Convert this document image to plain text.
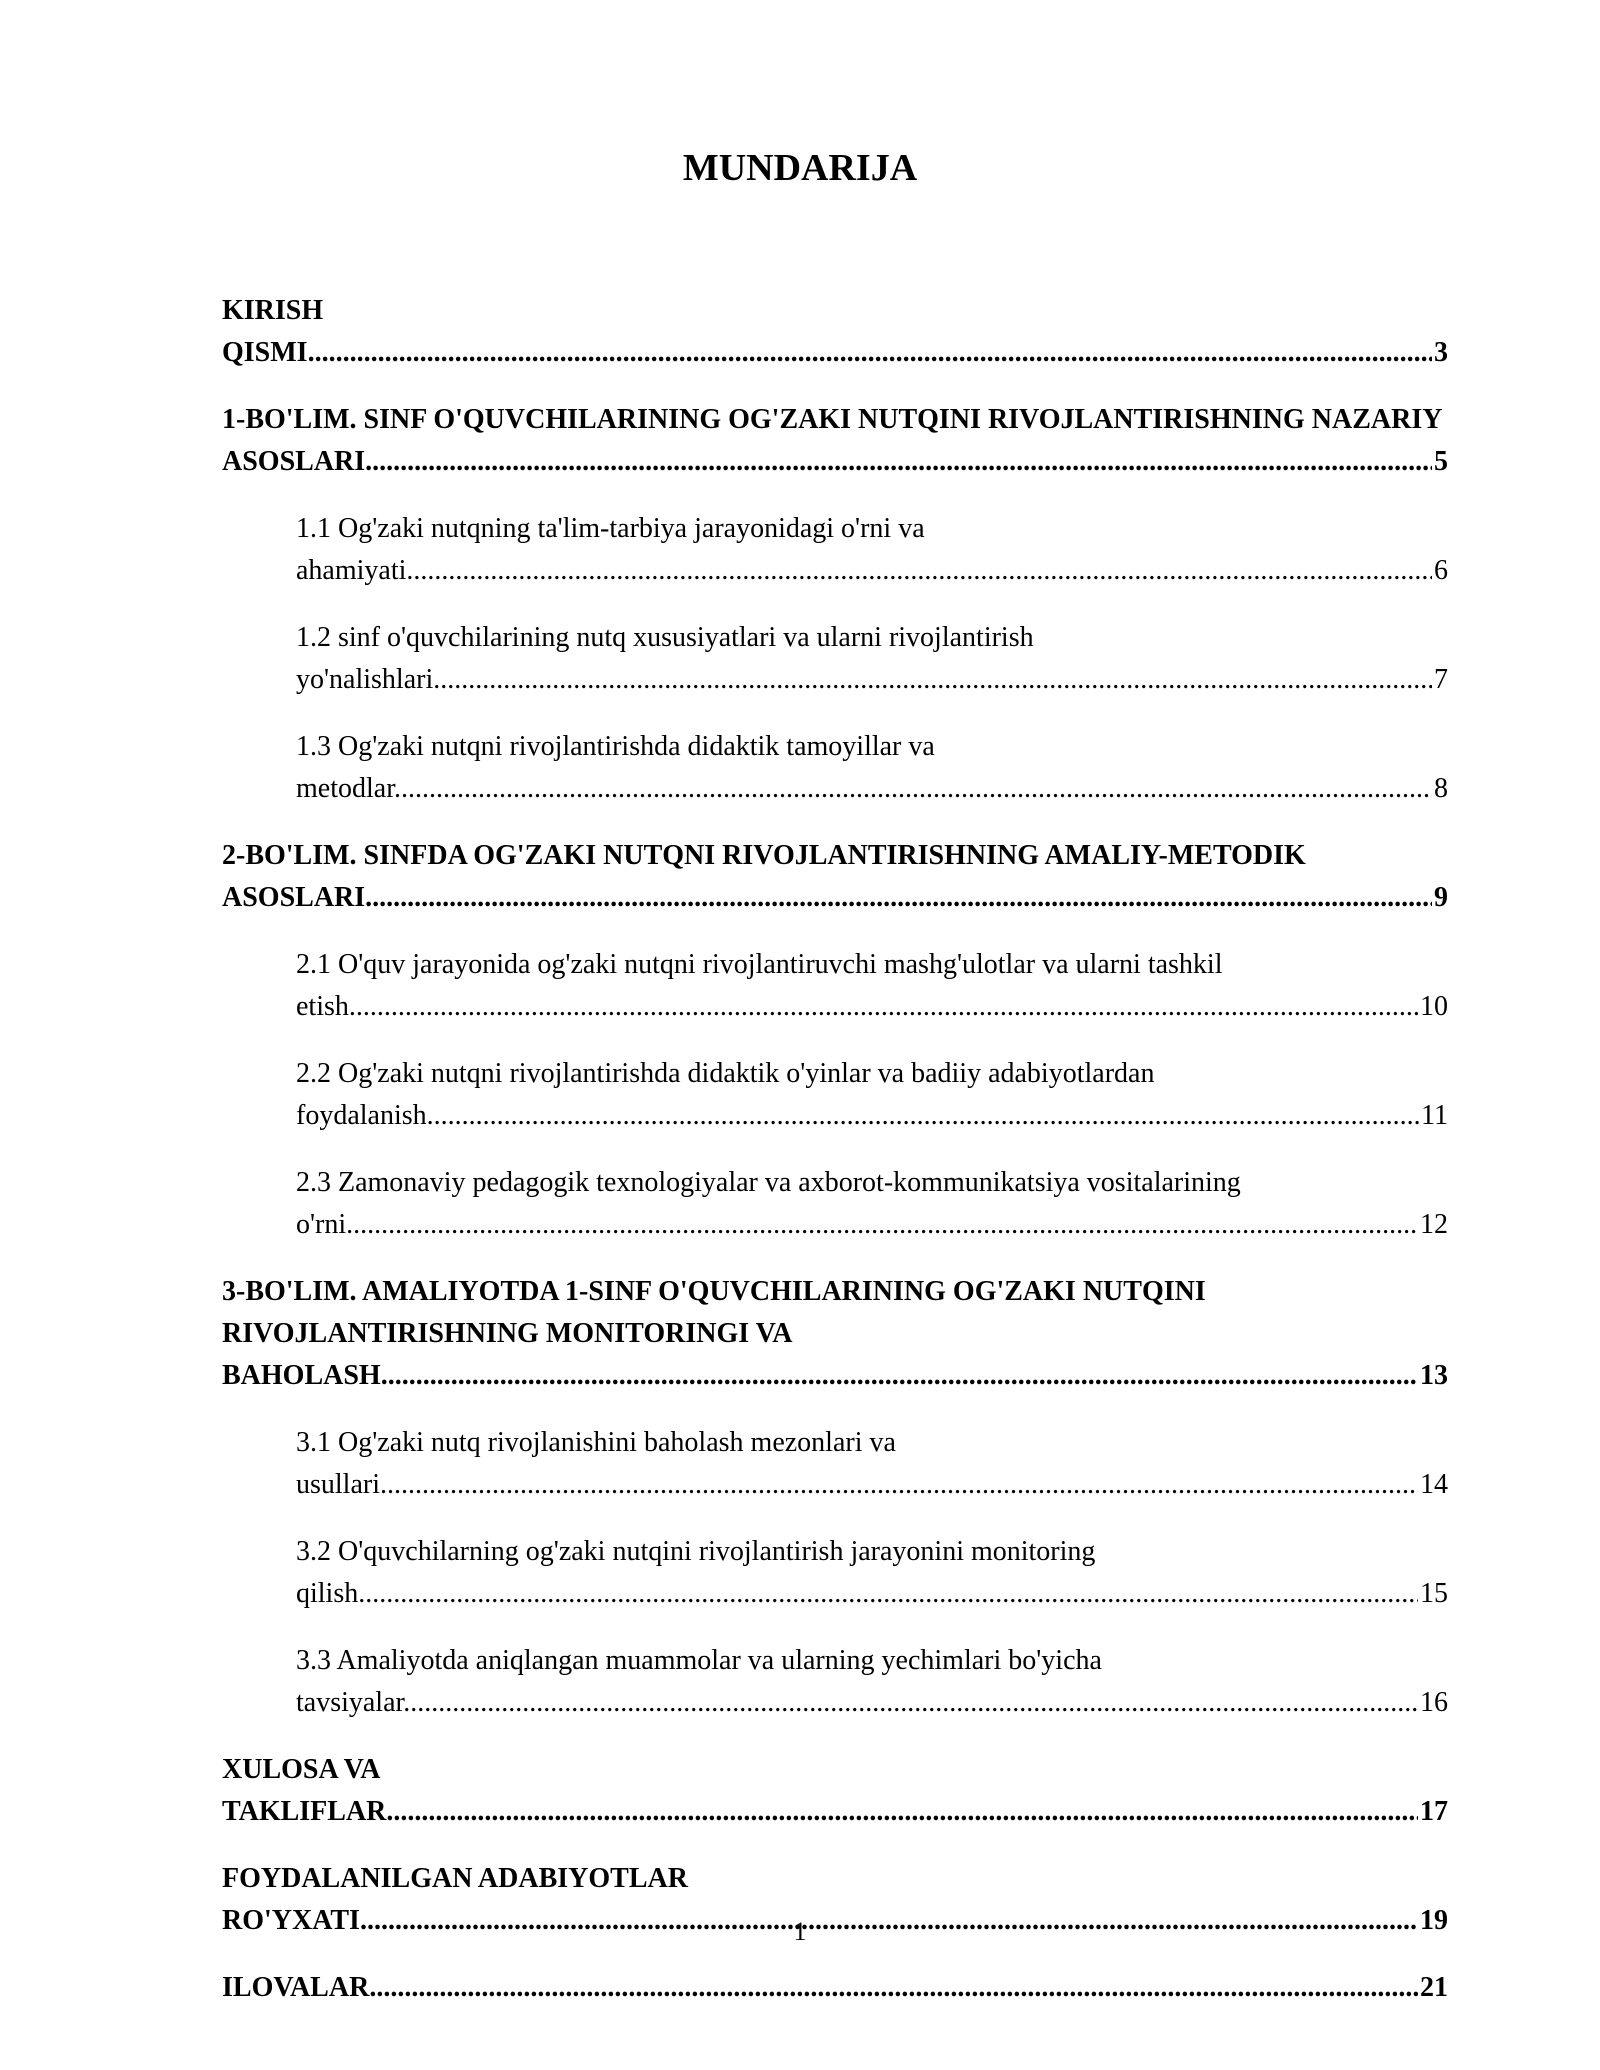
MUNDARIJA
KIRISH QISMI .....	3
1-BO'LIM. SINF O'QUVCHILARINING OG'ZAKI NUTQINI RIVOJLANTIRISHNING NAZARIY ASOSLARI .....	5
1.1 Og'zaki nutqning ta'lim-tarbiya jarayonidagi o'rni va ahamiyati .....	6
1.2 sinf o'quvchilarining nutq xususiyatlari va ularni rivojlantirish yo'nalishlari .....	7
1.3 Og'zaki nutqni rivojlantirishda didaktik tamoyillar va metodlar .....	8
2-BO'LIM. SINFDA OG'ZAKI NUTQNI RIVOJLANTIRISHNING AMALIY-METODIK ASOSLARI .....	9
2.1 O'quv jarayonida og'zaki nutqni rivojlantiruvchi mashg'ulotlar va ularni tashkil etish .....	10
2.2 Og'zaki nutqni rivojlantirishda didaktik o'yinlar va badiiy adabiyotlardan foydalanish .....	11
2.3 Zamonaviy pedagogik texnologiyalar va axborot-kommunikatsiya vositalarining o'rni .....	12
3-BO'LIM. AMALIYOTDA 1-SINF O'QUVCHILARINING OG'ZAKI NUTQINI RIVOJLANTIRISHNING MONITORINGI VA BAHOLASH .....	13
3.1 Og'zaki nutq rivojlanishini baholash mezonlari va usullari .....	14
3.2 O'quvchilarning og'zaki nutqini rivojlantirish jarayonini monitoring qilish .....	15
3.3 Amaliyotda aniqlangan muammolar va ularning yechimlari bo'yicha tavsiyalar .....	16
XULOSA VA TAKLIFLAR .....	17
FOYDALANILGAN ADABIYOTLAR RO'YXATI .....	19
ILOVALAR .....	21
1
